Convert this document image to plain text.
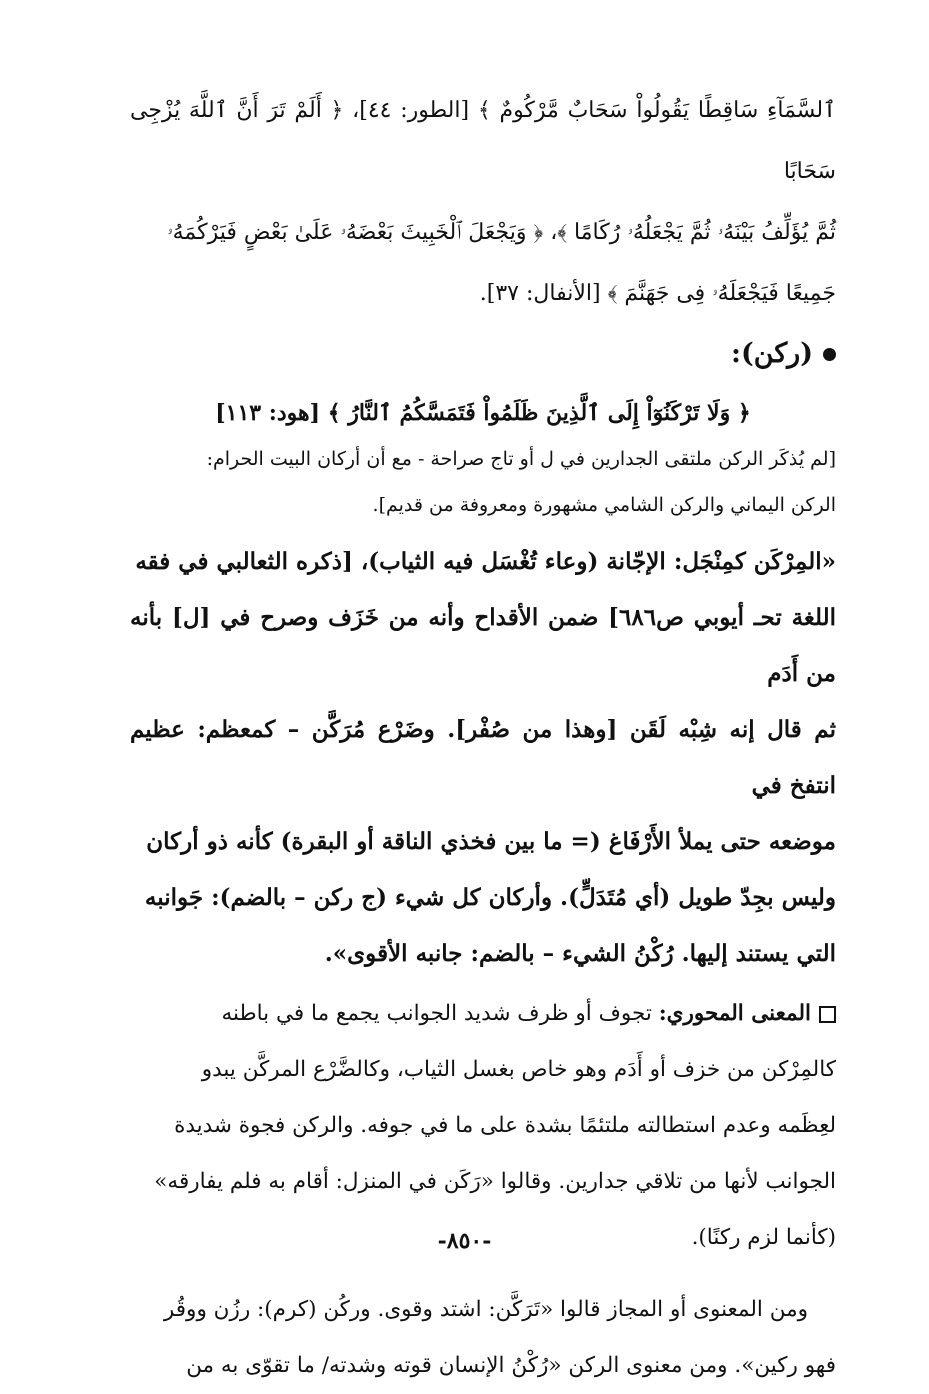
ٱلسَّمَآءِ سَاقِطًا يَقُولُواْ سَحَابٌ مَّرْكُومٌ ﴾ [الطور: ٤٤]، ﴿ أَلَمْ تَرَ أَنَّ ٱللَّهَ يُزْجِى سَحَابًا

ثُمَّ يُؤَلِّفُ بَيْنَهُۥ ثُمَّ يَجْعَلُهُۥ رُكَامًا ﴾، ﴿ وَيَجْعَلَ ٱلْخَبِيثَ بَعْضَهُۥ عَلَىٰ بَعْضٍ فَيَرْكُمَهُۥ

جَمِيعًا فَيَجْعَلَهُۥ فِى جَهَنَّمَ ﴾ [الأنفال: ٣٧].

(ركن):
﴿ وَلَا تَرْكَنُوٓاْ إِلَى ٱلَّذِينَ ظَلَمُواْ فَتَمَسَّكُمُ ٱلنَّارُ ﴾ [هود: ١١٣]

[لم يُذكَر الركن ملتقى الجدارين في ل أو تاج صراحة - مع أن أركان البيت الحرام:

الركن اليماني والركن الشامي مشهورة ومعروفة من قديم].

«المِرْكَن كمِنْجَل: الإجّانة (وعاء تُغْسَل فيه الثياب)، [ذكره الثعالبي في فقه

اللغة تحـ أيوبي ص٦٨٦] ضمن الأقداح وأنه من خَزَف وصرح في [ل] بأنه من أَدَم

ثم قال إنه شِبْه لَقَن [وهذا من صُفْر]. وضَرْع مُرَكَّن – كمعظم: عظيم انتفخ في

موضعه حتى يملأ الأَرْفَاغ (= ما بين فخذي الناقة أو البقرة) كأنه ذو أركان

وليس بجِدّ طويل (أي مُتَدَلٍّ). وأركان كل شيء (ج ركن – بالضم): جَوانبه

التي يستند إليها. رُكْنُ الشيء – بالضم: جانبه الأقوى».

المعنى المحوري: تجوف أو ظرف شديد الجوانب يجمع ما في باطنه

كالمِرْكن من خزف أو أَدَم وهو خاص بغسل الثياب، وكالضَّرْع المركَّن يبدو

لعِظَمه وعدم استطالته ملتئمًا بشدة على ما في جوفه. والركن فجوة شديدة

الجوانب لأنها من تلاقي جدارين. وقالوا «رَكَن في المنزل: أقام به فلم يفارقه»

(كأنما لزم ركنًا).

ومن المعنوى أو المجاز قالوا «تَرَكَّن: اشتد وقوى. وركُن (كرم): رزُن ووقُر

فهو ركين». ومن معنوى الركن «رُكْنُ الإنسان قوته وشدته/ ما تقوّى به من

-٨٥٠-
